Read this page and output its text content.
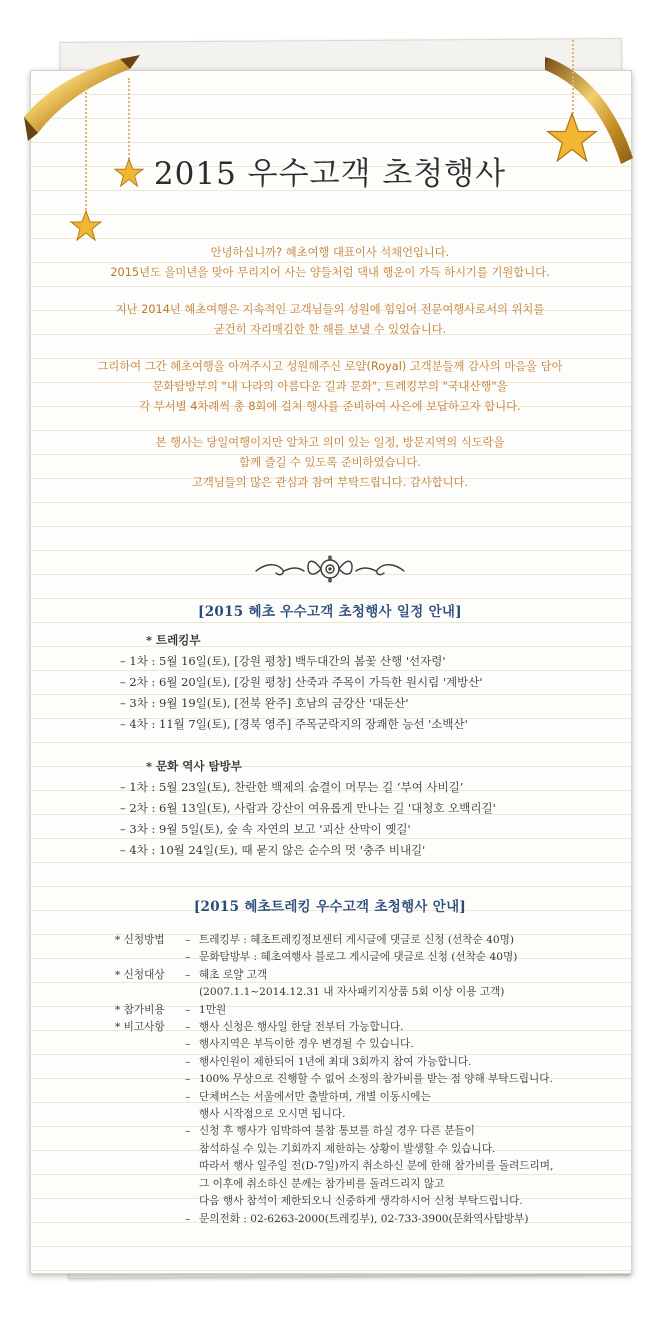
2015 우수고객 초청행사

안녕하십니까? 혜초여행 대표이사 석채언입니다.

2015년도 을미년을 맞아 무리지어 사는 양들처럼 댁내 행운이 가득 하시기를 기원합니다.

지난 2014년 혜초여행은 지속적인 고객님들의 성원에 힘입어 전문여행사로서의 위치를

굳건히 자리매김한 한 해를 보낼 수 있었습니다.

그리하여 그간 혜초여행을 아껴주시고 성원해주신 로얄(Royal) 고객분들께 감사의 마음을 담아

문화탐방부의 "내 나라의 아름다운 길과 문화", 트레킹부의 "국내산행"을

각 부서별 4차례씩 총 8회에 걸쳐 행사를 준비하여 사은에 보답하고자 합니다.

본 행사는 당일여행이지만 알차고 의미 있는 일정, 방문지역의 식도락을

함께 즐길 수 있도록 준비하였습니다.

고객님들의 많은 관심과 참여 부탁드립니다. 감사합니다.

[2015 혜초 우수고객 초청행사 일정 안내]
* 트레킹부
– 1차 : 5월 16일(토), [강원 평창] 백두대간의 봄꽃 산행 '선자령'
– 2차 : 6월 20일(토), [강원 평창] 산죽과 주목이 가득한 원시림 '계방산'
– 3차 : 9월 19일(토), [전북 완주] 호남의 금강산 '대둔산'
– 4차 : 11월 7일(토), [경북 영주] 주목군락지의 장쾌한 능선 '소백산'
* 문화 역사 탐방부
– 1차 : 5월 23일(토), 찬란한 백제의 숨결이 머무는 길 ‘부여 사비길’
– 2차 : 6월 13일(토), 사람과 강산이 여유롭게 만나는 길 '대청호 오백리길'
– 3차 : 9월 5일(토), 숲 속 자연의 보고 '괴산 산막이 옛길'
– 4차 : 10월 24일(토), 때 묻지 않은 순수의 멋 '충주 비내길'
[2015 혜초트레킹 우수고객 초청행사 안내]
* 신청방법	– 트레킹부 : 혜초트레킹정보센터 게시글에 댓글로 신청 (선착순 40명)
– 문화탐방부 : 혜초여행사 블로그 게시글에 댓글로 신청 (선착순 40명)
* 신청대상	– 혜초 로얄 고객
(2007.1.1~2014.12.31 내 자사패키지상품 5회 이상 이용 고객)
* 참가비용	– 1만원
* 비고사항	– 행사 신청은 행사일 한달 전부터 가능합니다.
– 행사지역은 부득이한 경우 변경될 수 있습니다.
– 행사인원이 제한되어 1년에 최대 3회까지 참여 가능합니다.
– 100% 무상으로 진행할 수 없어 소정의 참가비를 받는 점 양해 부탁드립니다.
– 단체버스는 서울에서만 출발하며, 개별 이동시에는
행사 시작점으로 오시면 됩니다.
– 신청 후 행사가 임박하여 불참 통보를 하실 경우 다른 분들이
참석하실 수 있는 기회까지 제한하는 상황이 발생할 수 있습니다.
따라서 행사 일주일 전(D-7일)까지 취소하신 분에 한해 참가비를 돌려드리며,
그 이후에 취소하신 분께는 참가비를 돌려드리지 않고
다음 행사 참석이 제한되오니 신중하게 생각하시어 신청 부탁드립니다.
– 문의전화 : 02-6263-2000(트레킹부), 02-733-3900(문화역사탐방부)
